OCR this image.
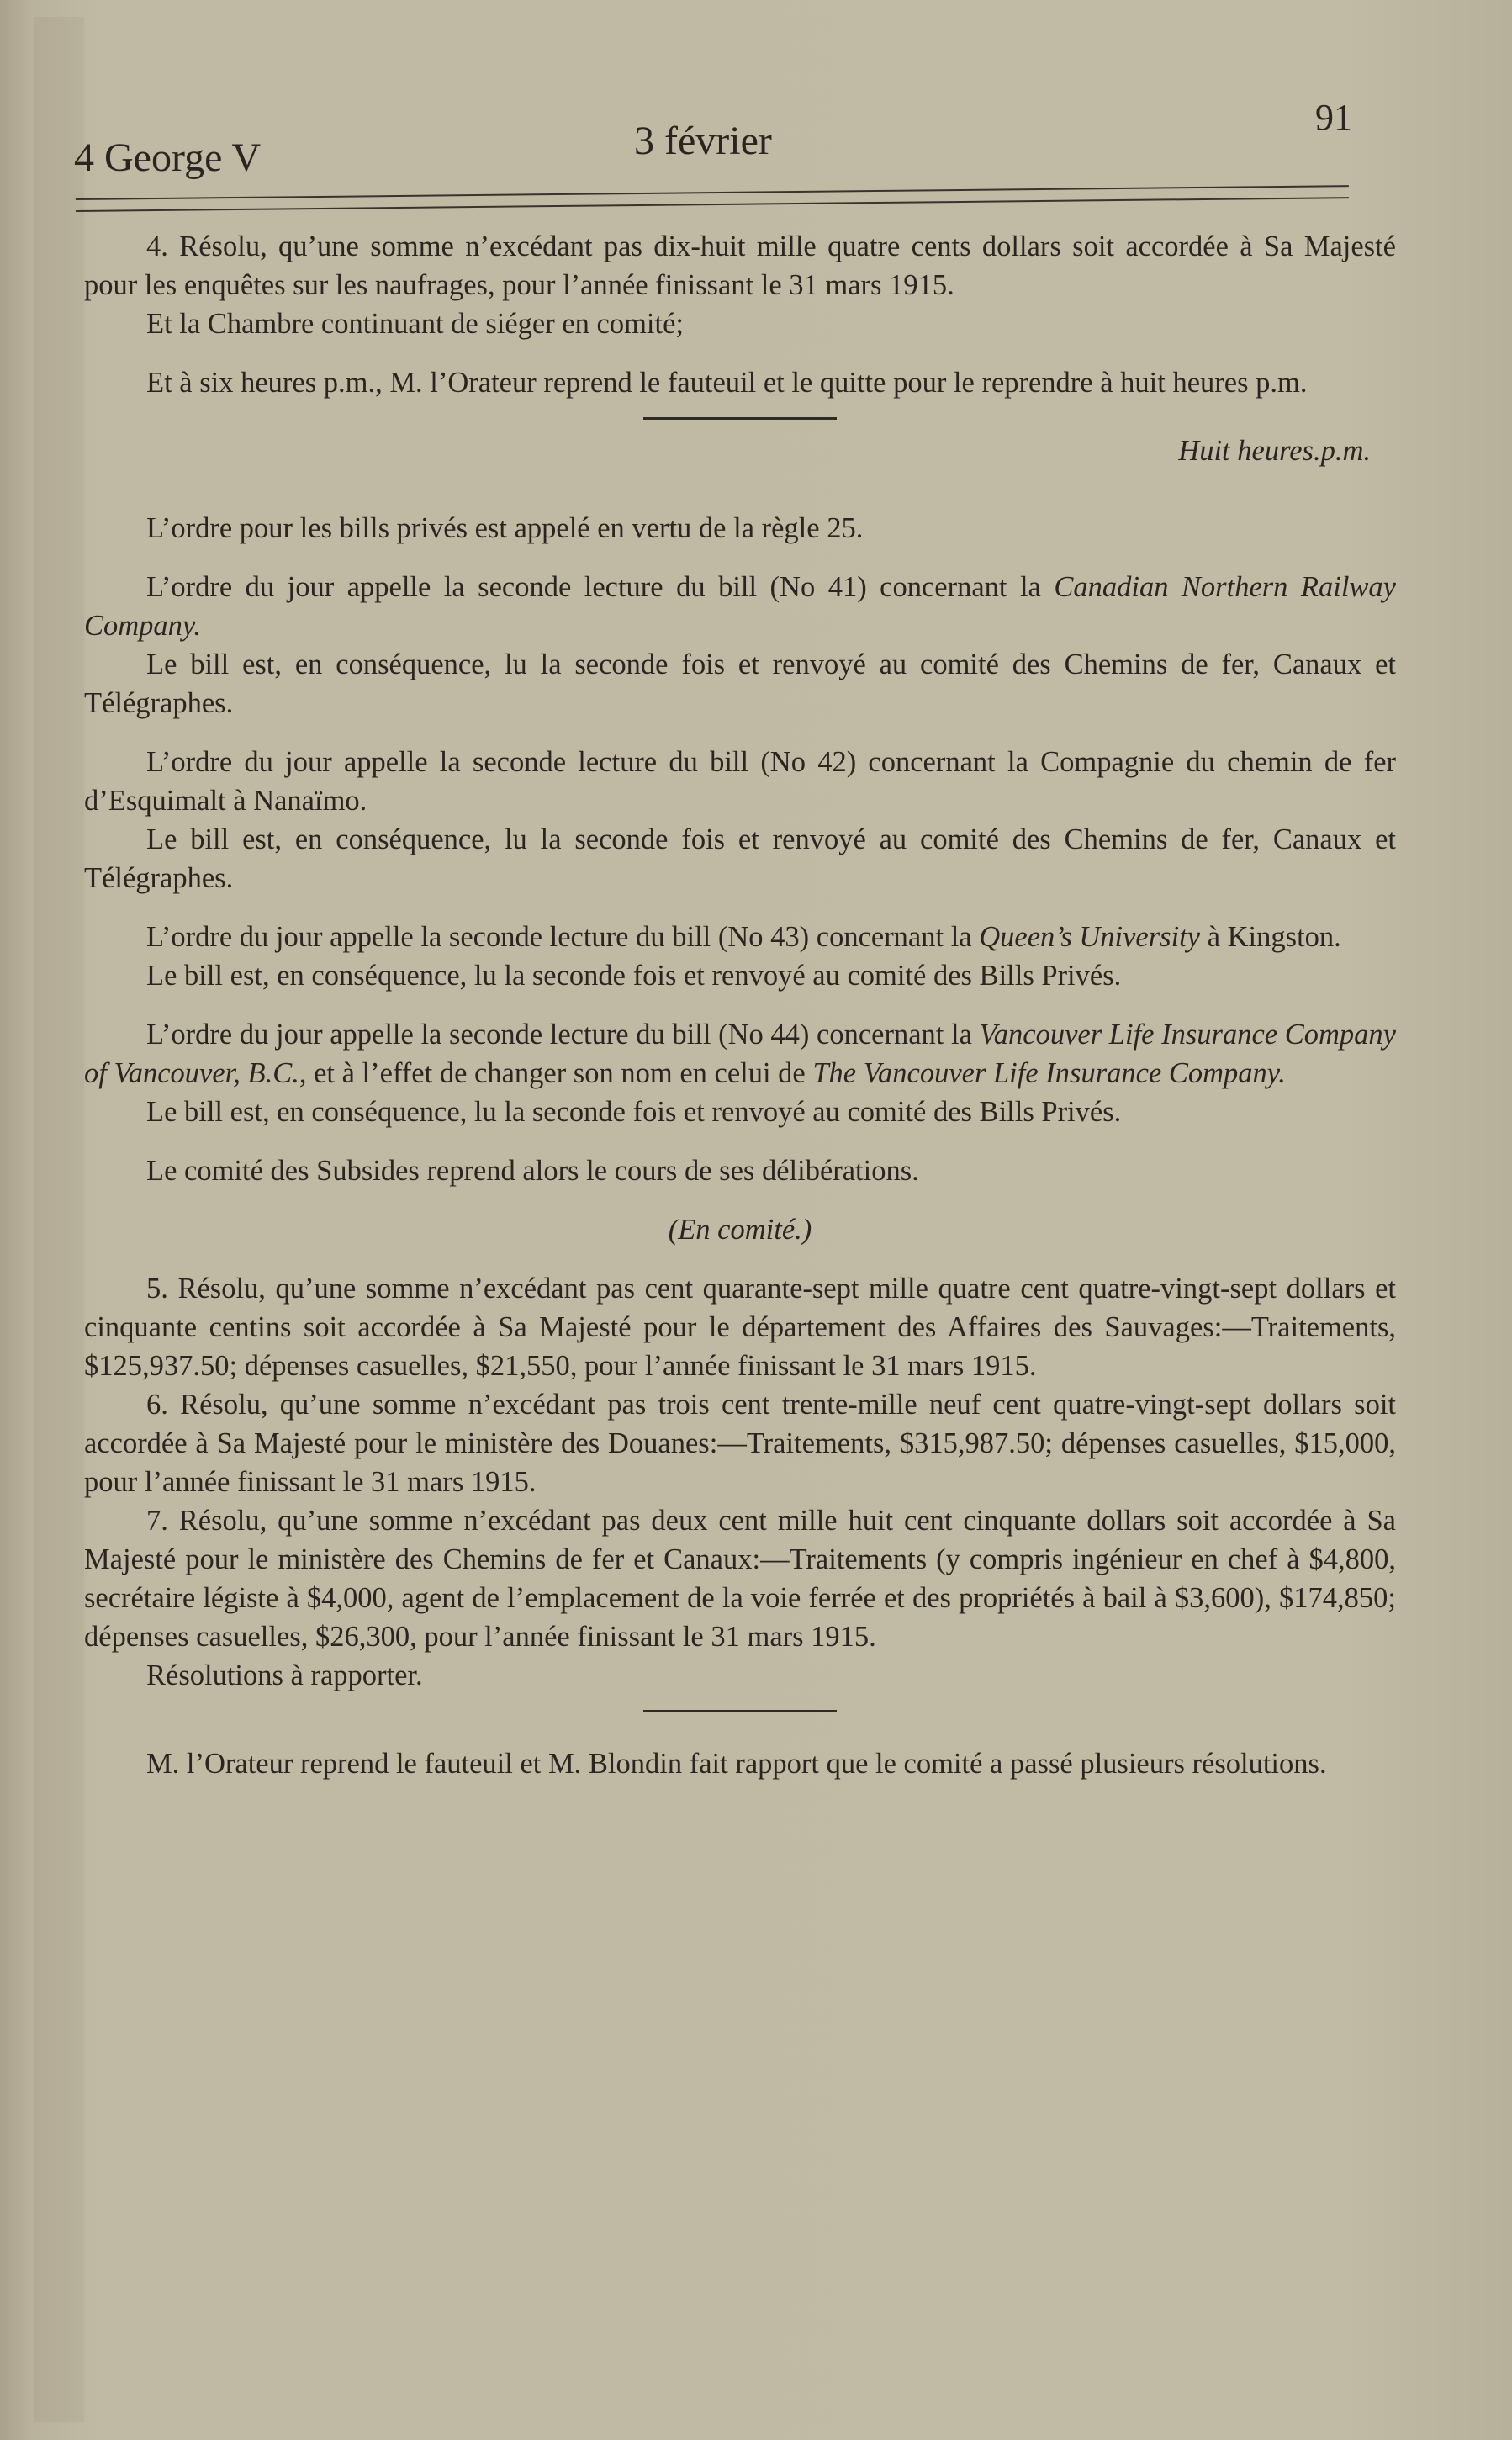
4 George V	3 février
91

4. Résolu, qu’une somme n’excédant pas dix-huit mille quatre cents dollars soit accordée à Sa Majesté pour les enquêtes sur les naufrages, pour l’année finissant le 31 mars 1915.

Et la Chambre continuant de siéger en comité;

Et à six heures p.m., M. l’Orateur reprend le fauteuil et le quitte pour le reprendre à huit heures p.m.

Huit heures.p.m.

L’ordre pour les bills privés est appelé en vertu de la règle 25.

L’ordre du jour appelle la seconde lecture du bill (No 41) concernant la Canadian Northern Railway Company.

Le bill est, en conséquence, lu la seconde fois et renvoyé au comité des Chemins de fer, Canaux et Télégraphes.

L’ordre du jour appelle la seconde lecture du bill (No 42) concernant la Compagnie du chemin de fer d’Esquimalt à Nanaïmo.

Le bill est, en conséquence, lu la seconde fois et renvoyé au comité des Chemins de fer, Canaux et Télégraphes.

L’ordre du jour appelle la seconde lecture du bill (No 43) concernant la Queen’s University à Kingston.

Le bill est, en conséquence, lu la seconde fois et renvoyé au comité des Bills Privés.

L’ordre du jour appelle la seconde lecture du bill (No 44) concernant la Vancouver Life Insurance Company of Vancouver, B.C., et à l’effet de changer son nom en celui de The Vancouver Life Insurance Company.

Le bill est, en conséquence, lu la seconde fois et renvoyé au comité des Bills Privés.

Le comité des Subsides reprend alors le cours de ses délibérations.

(En comité.)

5. Résolu, qu’une somme n’excédant pas cent quarante-sept mille quatre cent quatre-vingt-sept dollars et cinquante centins soit accordée à Sa Majesté pour le département des Affaires des Sauvages:—Traitements, $125,937.50; dépenses casuelles, $21,550, pour l’année finissant le 31 mars 1915.

6. Résolu, qu’une somme n’excédant pas trois cent trente-mille neuf cent quatre-vingt-sept dollars soit accordée à Sa Majesté pour le ministère des Douanes:—Traitements, $315,987.50; dépenses casuelles, $15,000, pour l’année finissant le 31 mars 1915.

7. Résolu, qu’une somme n’excédant pas deux cent mille huit cent cinquante dollars soit accordée à Sa Majesté pour le ministère des Chemins de fer et Canaux:—Traitements (y compris ingénieur en chef à $4,800, secrétaire légiste à $4,000, agent de l’emplacement de la voie ferrée et des propriétés à bail à $3,600), $174,850; dépenses casuelles, $26,300, pour l’année finissant le 31 mars 1915.

Résolutions à rapporter.

M. l’Orateur reprend le fauteuil et M. Blondin fait rapport que le comité a passé plusieurs résolutions.
